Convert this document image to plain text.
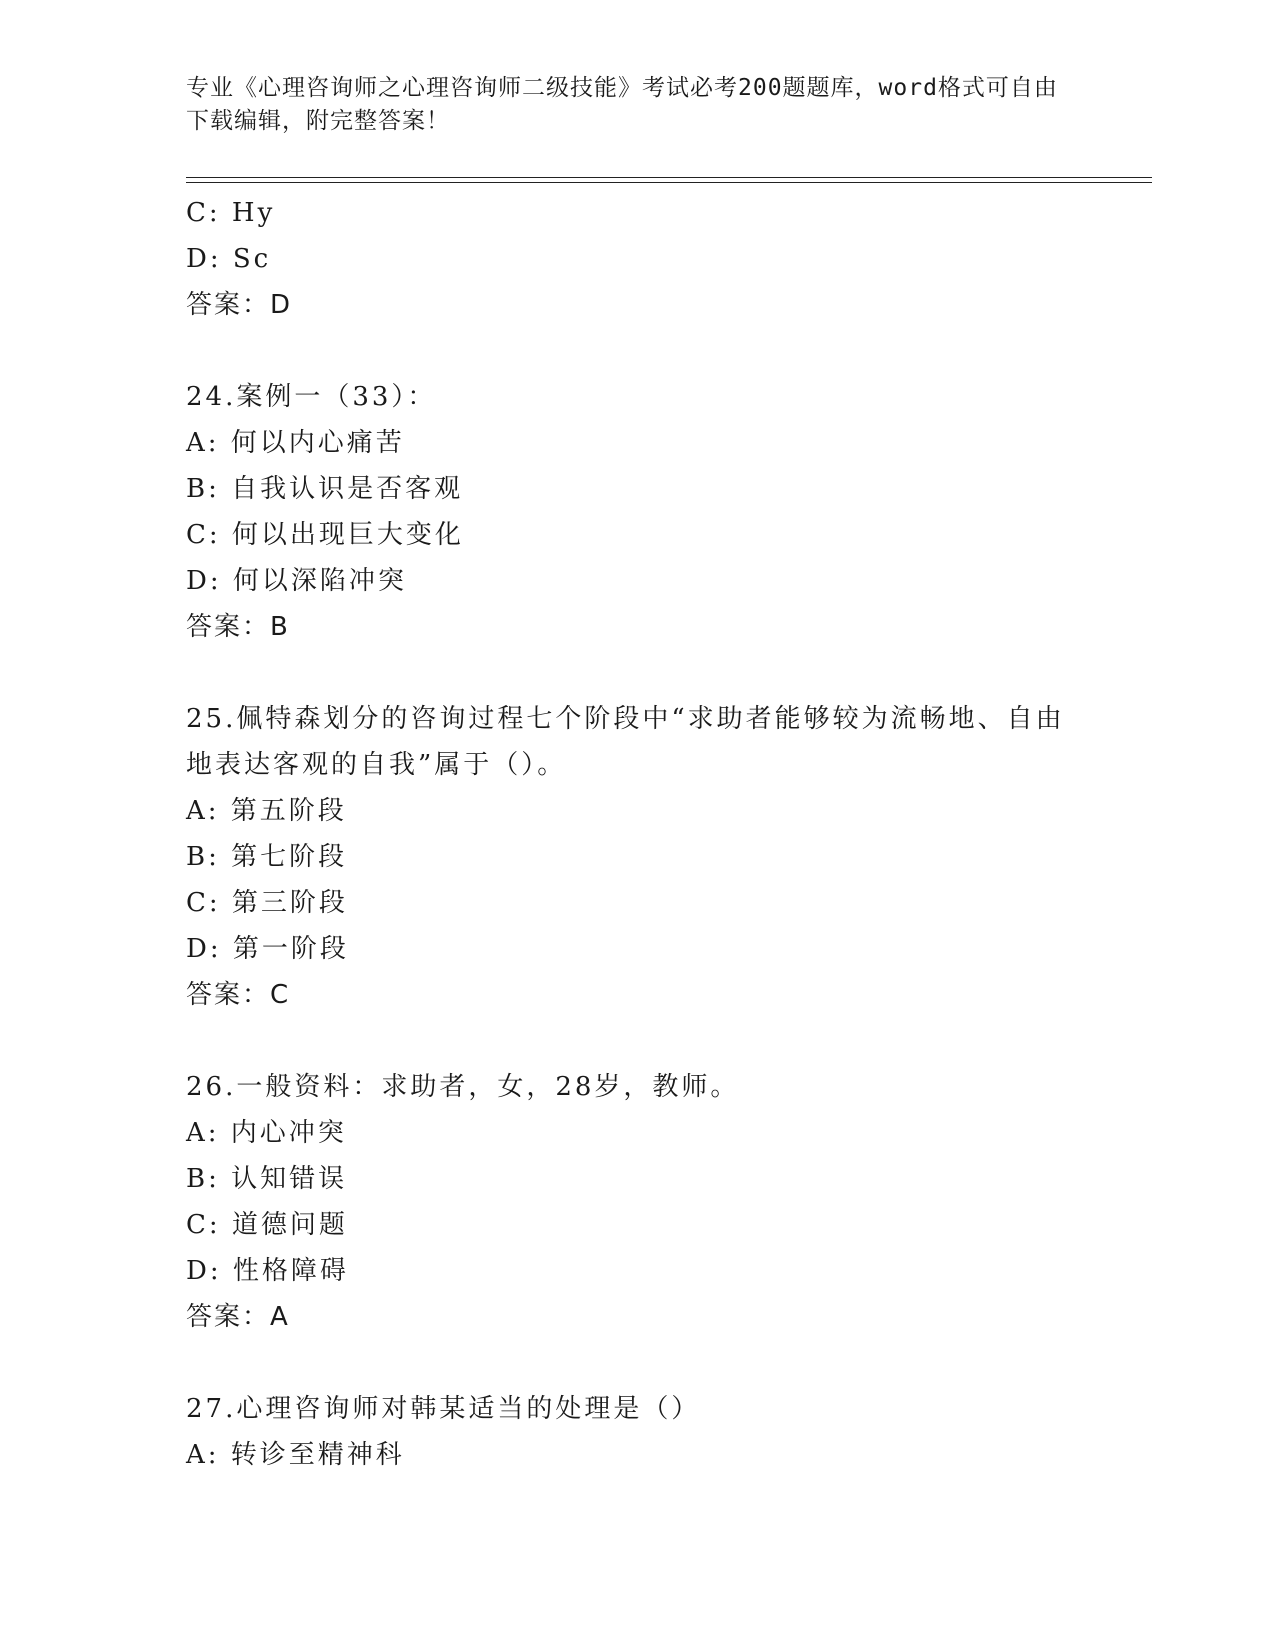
专业《心理咨询师之心理咨询师二级技能》考试必考200题题库，word格式可自由下载编辑，附完整答案！
C: Hy
D: Sc
答案：D
24.案例一（33）：
A: 何以内心痛苦
B: 自我认识是否客观
C: 何以出现巨大变化
D: 何以深陷冲突
答案：B
25.佩特森划分的咨询过程七个阶段中“求助者能够较为流畅地、自由地表达客观的自我”属于（）。
A: 第五阶段
B: 第七阶段
C: 第三阶段
D: 第一阶段
答案：C
26.一般资料：求助者，女，28岁，教师。
A: 内心冲突
B: 认知错误
C: 道德问题
D: 性格障碍
答案：A
27.心理咨询师对韩某适当的处理是（）
A: 转诊至精神科
